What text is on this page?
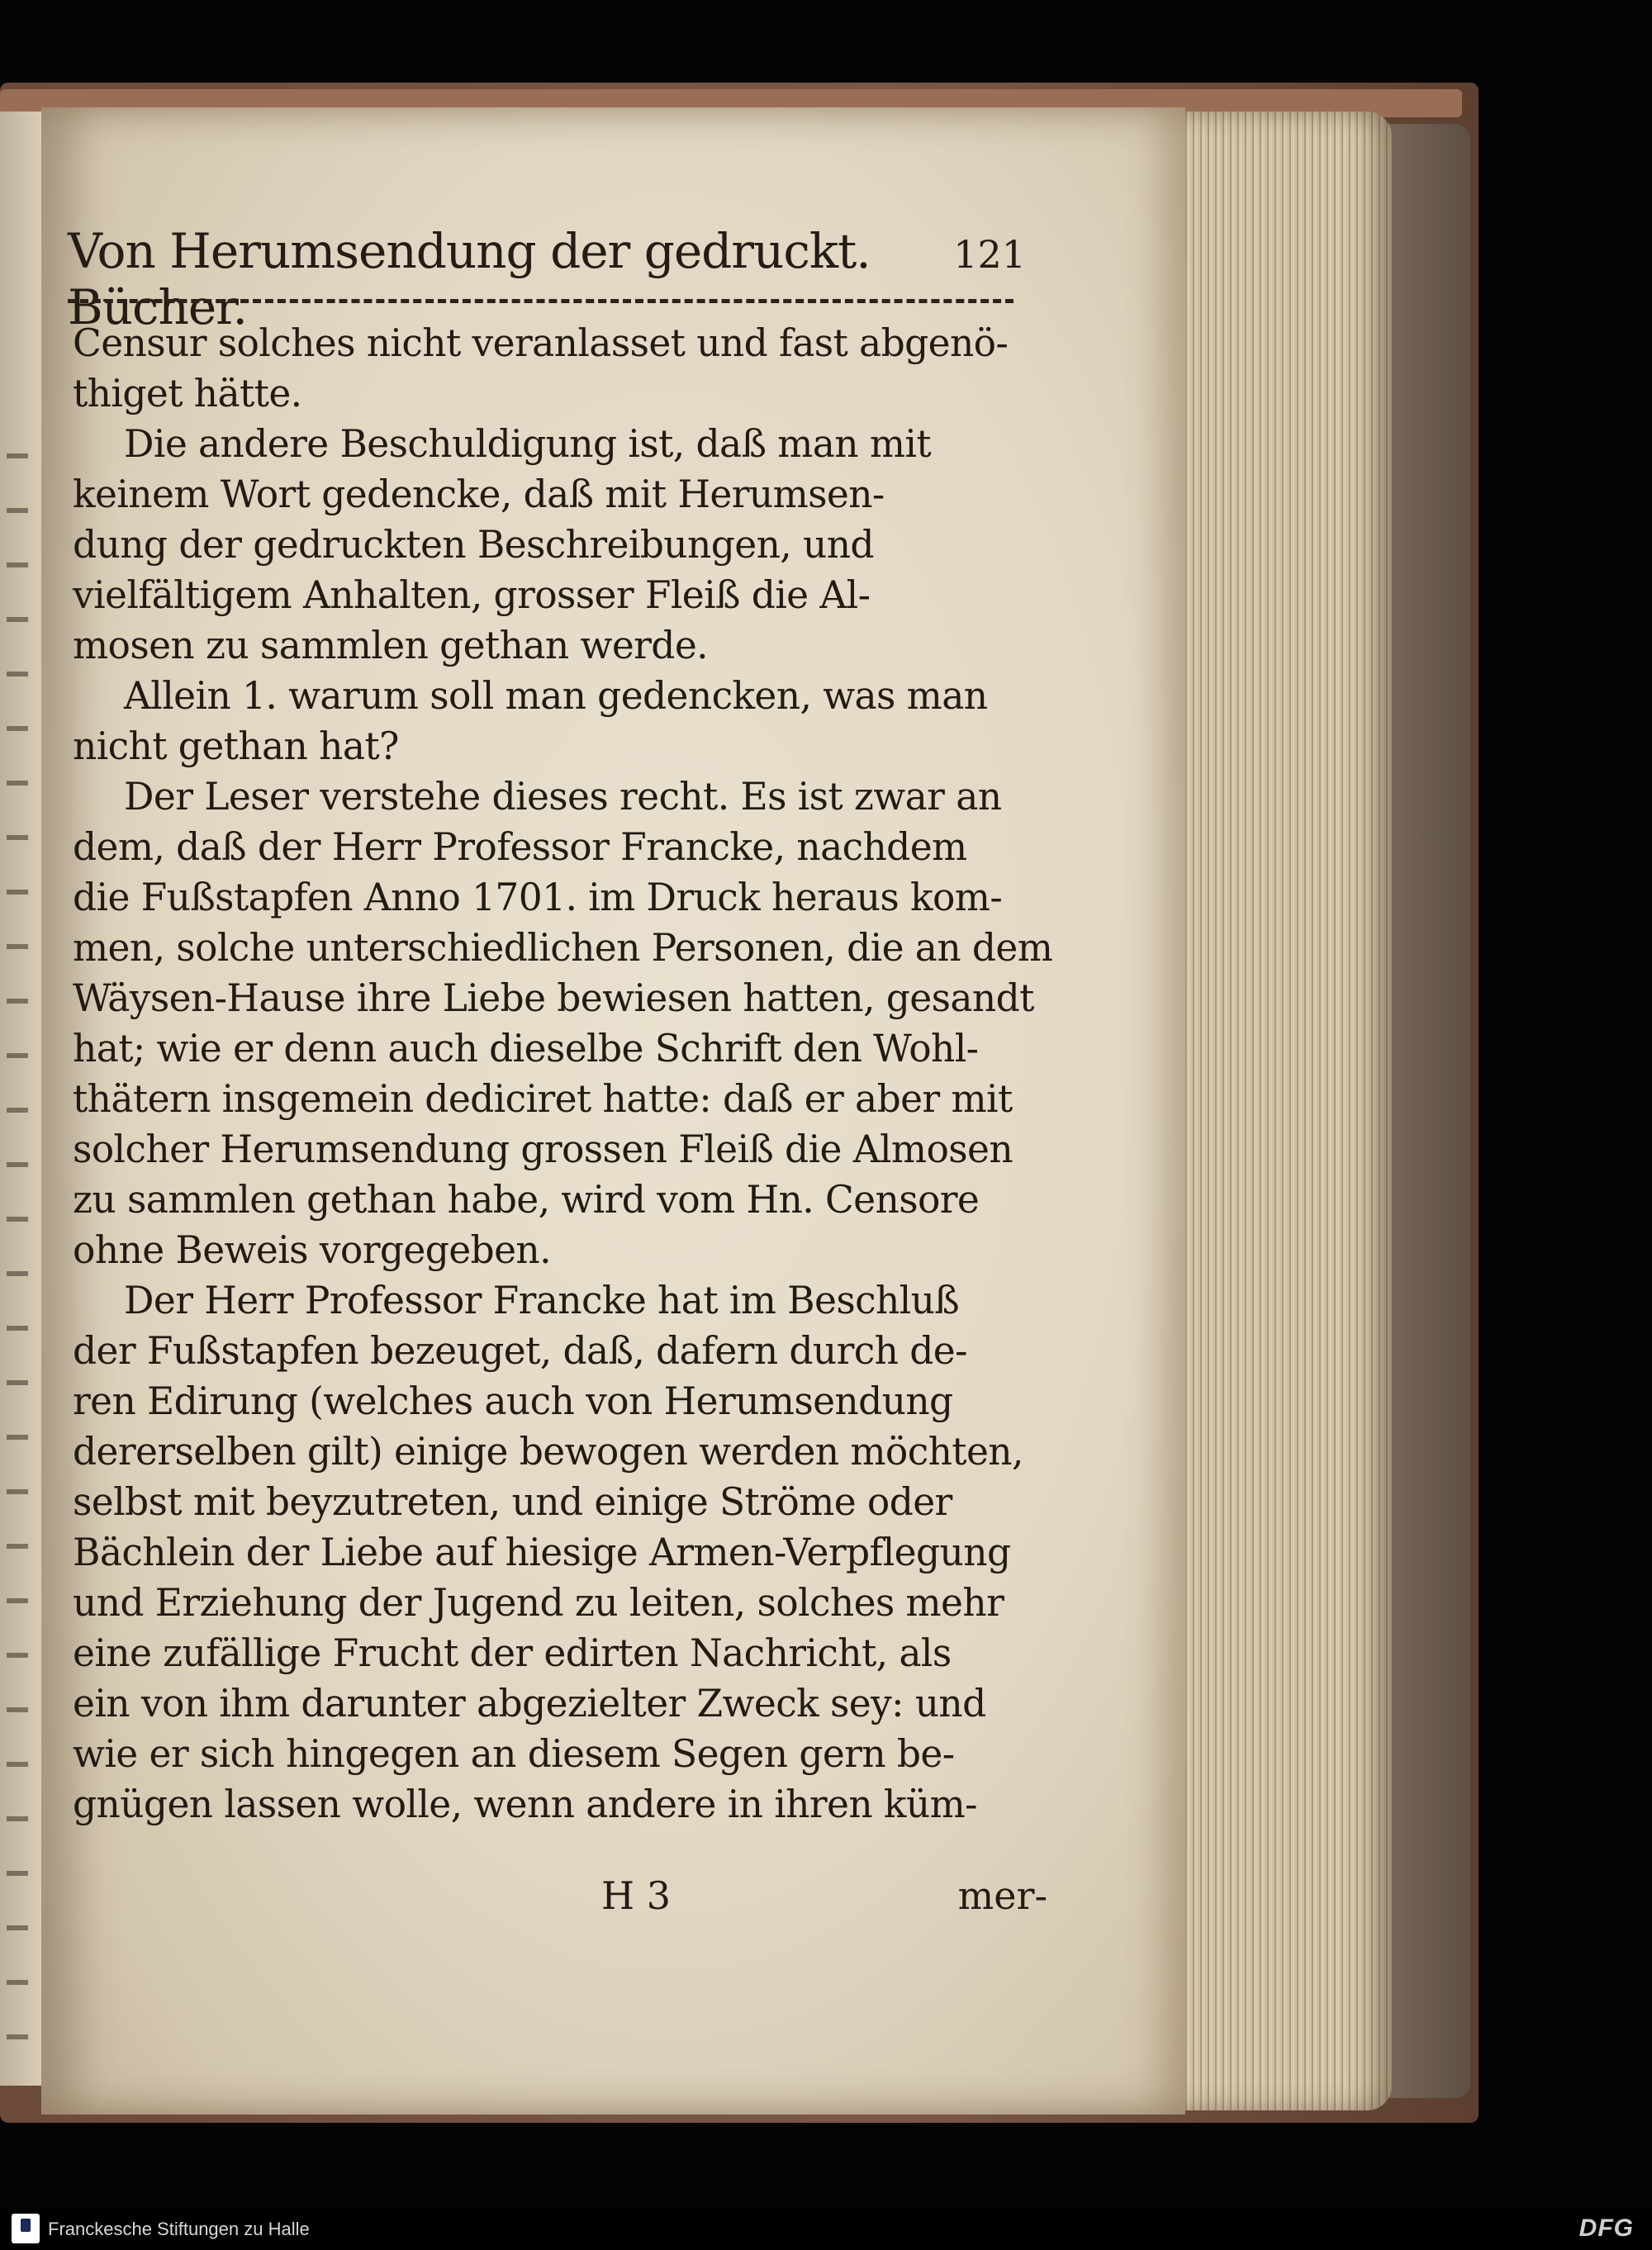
Von Herumsendung der gedruckt. Bücher.
121
Censur solches nicht veranlasset und fast abgenö-
thiget hätte.
Die andere Beschuldigung ist, daß man mit
keinem Wort gedencke, daß mit Herumsen-
dung der gedruckten Beschreibungen, und
vielfältigem Anhalten, grosser Fleiß die Al-
mosen zu sammlen gethan werde.
Allein 1. warum soll man gedencken, was man
nicht gethan hat?
Der Leser verstehe dieses recht. Es ist zwar an
dem, daß der Herr Professor Francke, nachdem
die Fußstapfen Anno 1701. im Druck heraus kom-
men, solche unterschiedlichen Personen, die an dem
Wäysen-Hause ihre Liebe bewiesen hatten, gesandt
hat; wie er denn auch dieselbe Schrift den Wohl-
thätern insgemein dediciret hatte: daß er aber mit
solcher Herumsendung grossen Fleiß die Almosen
zu sammlen gethan habe, wird vom Hn. Censore
ohne Beweis vorgegeben.
Der Herr Professor Francke hat im Beschluß
der Fußstapfen bezeuget, daß, dafern durch de-
ren Edirung (welches auch von Herumsendung
dererselben gilt) einige bewogen werden möchten,
selbst mit beyzutreten, und einige Ströme oder
Bächlein der Liebe auf hiesige Armen-Verpflegung
und Erziehung der Jugend zu leiten, solches mehr
eine zufällige Frucht der edirten Nachricht, als
ein von ihm darunter abgezielter Zweck sey: und
wie er sich hingegen an diesem Segen gern be-
gnügen lassen wolle, wenn andere in ihren küm-
H 3	mer-
Franckesche Stiftungen zu Halle	DFG
